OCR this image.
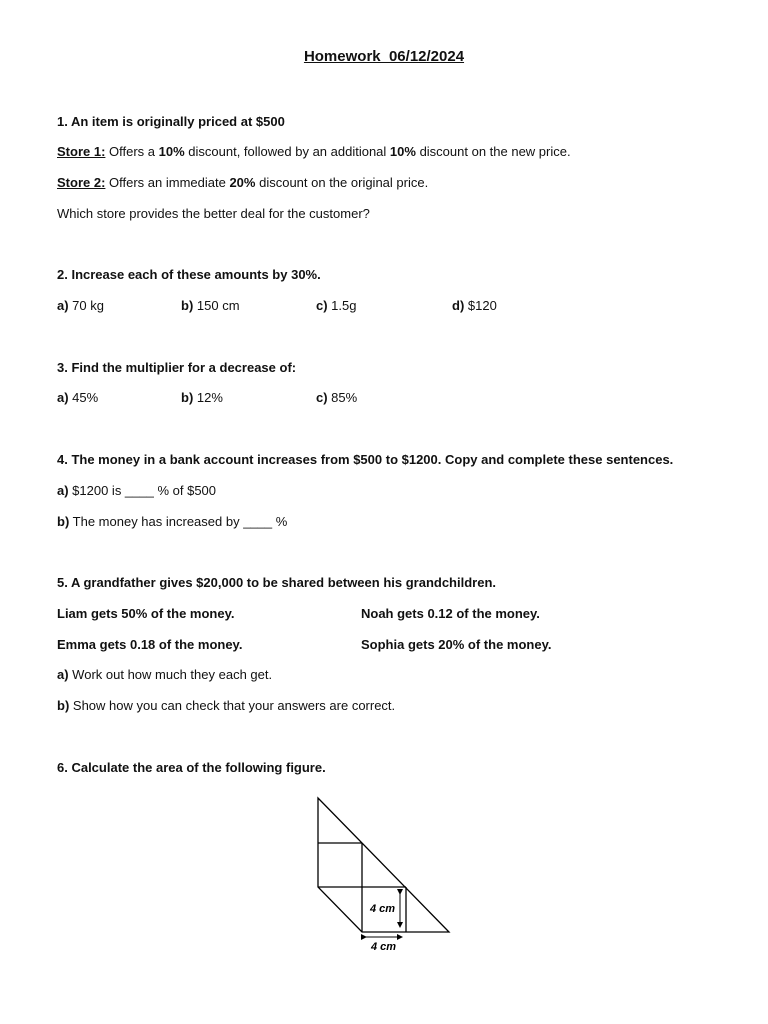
Homework_06/12/2024
1. An item is originally priced at $500
Store 1: Offers a 10% discount, followed by an additional 10% discount on the new price.
Store 2: Offers an immediate 20% discount on the original price.
Which store provides the better deal for the customer?
2. Increase each of these amounts by 30%.
a) 70 kg	b) 150 cm	c) 1.5g	d) $120
3. Find the multiplier for a decrease of:
a) 45%	b) 12%	c) 85%
4. The money in a bank account increases from $500 to $1200. Copy and complete these sentences.
a) $1200 is ____ % of $500
b) The money has increased by ____ %
5. A grandfather gives $20,000 to be shared between his grandchildren.
Liam gets 50% of the money.	Noah gets 0.12 of the money.
Emma gets 0.18 of the money.	Sophia gets 20% of the money.
a) Work out how much they each get.
b) Show how you can check that your answers are correct.
6. Calculate the area of the following figure.
4 cm
4 cm
